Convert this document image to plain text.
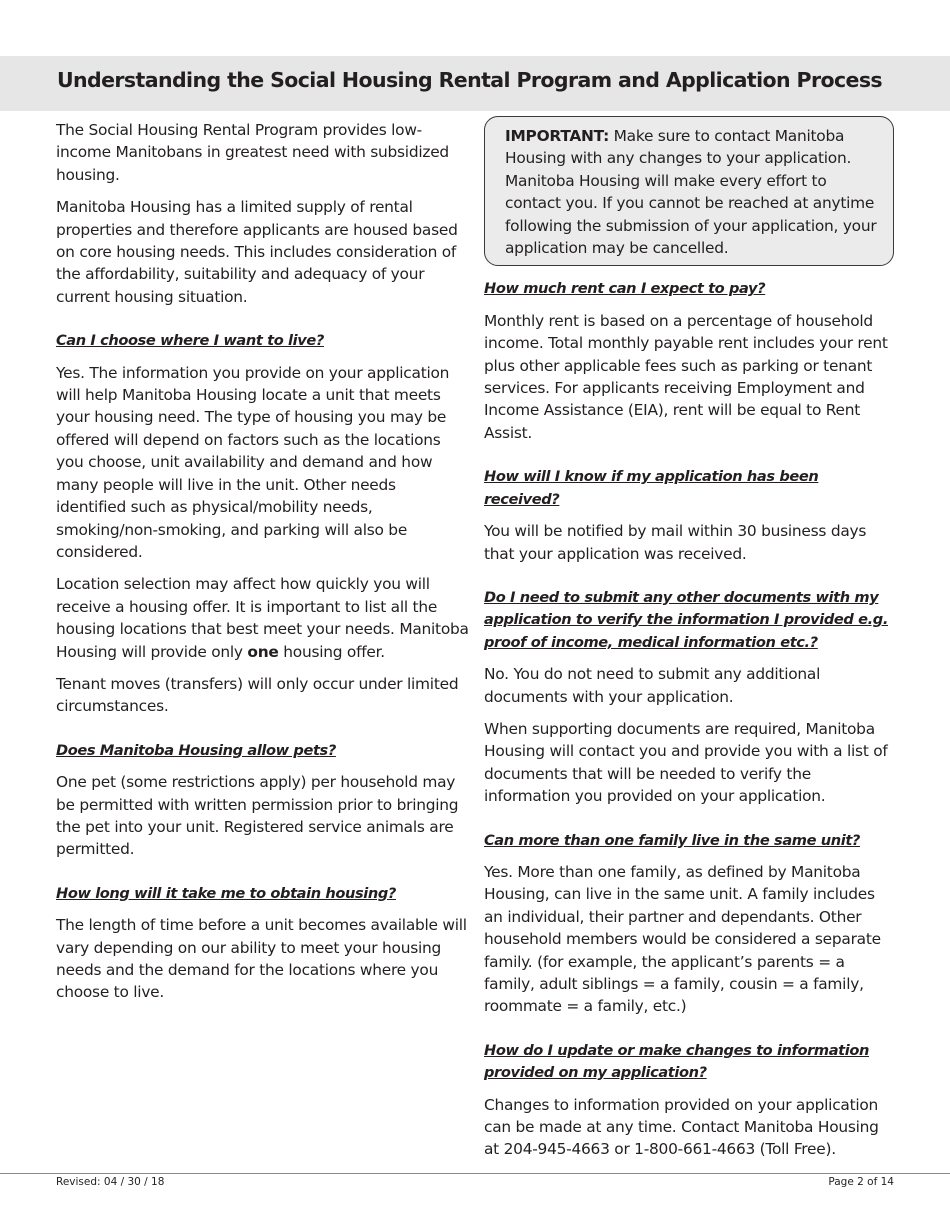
Understanding the Social Housing Rental Program and Application Process

The Social Housing Rental Program provides low-income Manitobans in greatest need with subsidized housing.

Manitoba Housing has a limited supply of rental properties and therefore applicants are housed based on core housing needs. This includes consideration of the affordability, suitability and adequacy of your current housing situation.

Can I choose where I want to live?

Yes. The information you provide on your application will help Manitoba Housing locate a unit that meets your housing need. The type of housing you may be offered will depend on factors such as the locations you choose, unit availability and demand and how many people will live in the unit. Other needs identified such as physical/mobility needs, smoking/non-smoking, and parking will also be considered.

Location selection may affect how quickly you will receive a housing offer. It is important to list all the housing locations that best meet your needs. Manitoba Housing will provide only one housing offer.

Tenant moves (transfers) will only occur under limited circumstances.

Does Manitoba Housing allow pets?

One pet (some restrictions apply) per household may be permitted with written permission prior to bringing the pet into your unit. Registered service animals are permitted.

How long will it take me to obtain housing?

The length of time before a unit becomes available will vary depending on our ability to meet your housing needs and the demand for the locations where you choose to live.

IMPORTANT: Make sure to contact Manitoba Housing with any changes to your application. Manitoba Housing will make every effort to contact you. If you cannot be reached at anytime following the submission of your application, your application may be cancelled.

How much rent can I expect to pay?

Monthly rent is based on a percentage of household income. Total monthly payable rent includes your rent plus other applicable fees such as parking or tenant services. For applicants receiving Employment and Income Assistance (EIA), rent will be equal to Rent Assist.

How will I know if my application has been received?

You will be notified by mail within 30 business days that your application was received.

Do I need to submit any other documents with my application to verify the information I provided e.g. proof of income, medical information etc.?

No. You do not need to submit any additional documents with your application.

When supporting documents are required, Manitoba Housing will contact you and provide you with a list of documents that will be needed to verify the information you provided on your application.

Can more than one family live in the same unit?

Yes. More than one family, as defined by Manitoba Housing, can live in the same unit. A family includes an individual, their partner and dependants. Other household members would be considered a separate family. (for example, the applicant’s parents = a family, adult siblings = a family, cousin = a family, roommate = a family, etc.)

How do I update or make changes to information provided on my application?

Changes to information provided on your application can be made at any time. Contact Manitoba Housing at 204-945-4663 or 1-800-661-4663 (Toll Free).

Revised: 04 / 30 / 18	Page 2 of 14
